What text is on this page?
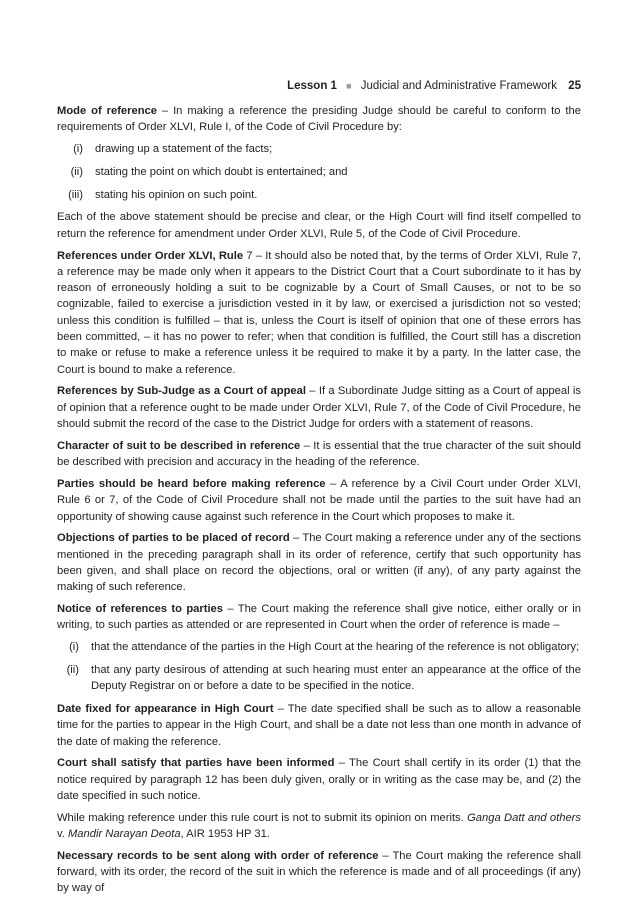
Lesson 1 ■ Judicial and Administrative Framework 25

Mode of reference – In making a reference the presiding Judge should be careful to conform to the requirements of Order XLVI, Rule I, of the Code of Civil Procedure by:

(i)	drawing up a statement of the facts;
(ii)	stating the point on which doubt is entertained; and
(iii)	stating his opinion on such point.

Each of the above statement should be precise and clear, or the High Court will find itself compelled to return the reference for amendment under Order XLVI, Rule 5, of the Code of Civil Procedure.

References under Order XLVI, Rule 7 – It should also be noted that, by the terms of Order XLVI, Rule 7, a reference may be made only when it appears to the District Court that a Court subordinate to it has by reason of erroneously holding a suit to be cognizable by a Court of Small Causes, or not to be so cognizable, failed to exercise a jurisdiction vested in it by law, or exercised a jurisdiction not so vested; unless this condition is fulfilled – that is, unless the Court is itself of opinion that one of these errors has been committed, – it has no power to refer; when that condition is fulfilled, the Court still has a discretion to make or refuse to make a reference unless it be required to make it by a party. In the latter case, the Court is bound to make a reference.

References by Sub-Judge as a Court of appeal – If a Subordinate Judge sitting as a Court of appeal is of opinion that a reference ought to be made under Order XLVI, Rule 7, of the Code of Civil Procedure, he should submit the record of the case to the District Judge for orders with a statement of reasons.

Character of suit to be described in reference – It is essential that the true character of the suit should be described with precision and accuracy in the heading of the reference.

Parties should be heard before making reference – A reference by a Civil Court under Order XLVI, Rule 6 or 7, of the Code of Civil Procedure shall not be made until the parties to the suit have had an opportunity of showing cause against such reference in the Court which proposes to make it.

Objections of parties to be placed of record – The Court making a reference under any of the sections mentioned in the preceding paragraph shall in its order of reference, certify that such opportunity has been given, and shall place on record the objections, oral or written (if any), of any party against the making of such reference.

Notice of references to parties – The Court making the reference shall give notice, either orally or in writing, to such parties as attended or are represented in Court when the order of reference is made –

(i)	that the attendance of the parties in the High Court at the hearing of the reference is not obligatory;
(ii)	that any party desirous of attending at such hearing must enter an appearance at the office of the Deputy Registrar on or before a date to be specified in the notice.

Date fixed for appearance in High Court – The date specified shall be such as to allow a reasonable time for the parties to appear in the High Court, and shall be a date not less than one month in advance of the date of making the reference.

Court shall satisfy that parties have been informed – The Court shall certify in its order (1) that the notice required by paragraph 12 has been duly given, orally or in writing as the case may be, and (2) the date specified in such notice.

While making reference under this rule court is not to submit its opinion on merits. Ganga Datt and others v. Mandir Narayan Deota, AIR 1953 HP 31.

Necessary records to be sent along with order of reference – The Court making the reference shall forward, with its order, the record of the suit in which the reference is made and of all proceedings (if any) by way of
